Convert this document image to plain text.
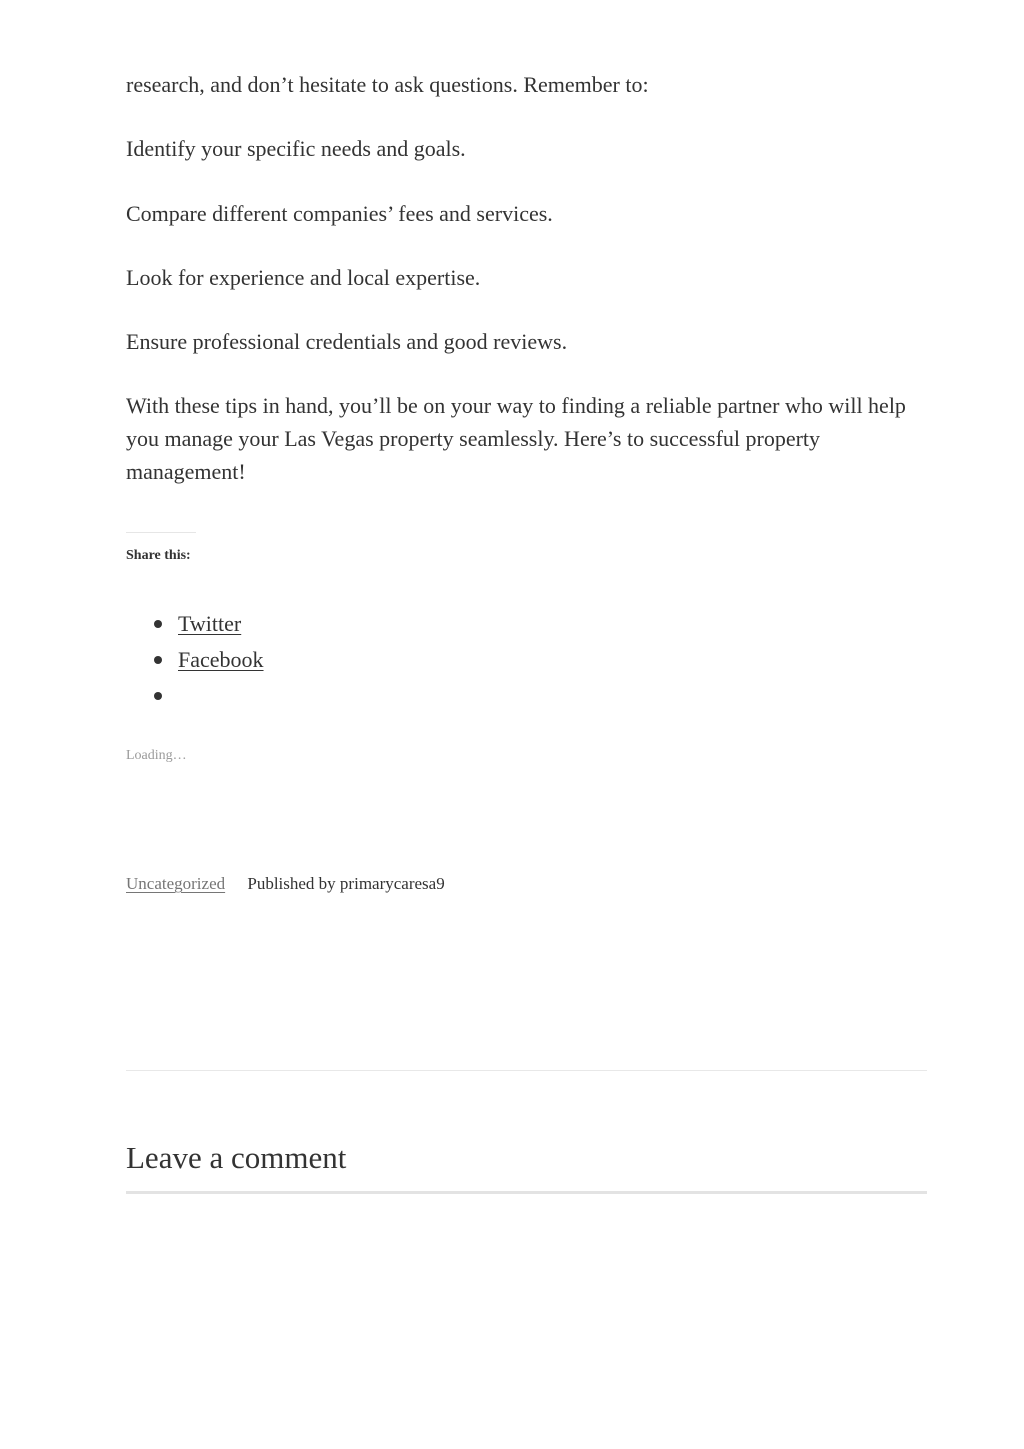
research, and don’t hesitate to ask questions. Remember to:

Identify your specific needs and goals.

Compare different companies’ fees and services.

Look for experience and local expertise.

Ensure professional credentials and good reviews.

With these tips in hand, you’ll be on your way to finding a reliable partner who will help you manage your Las Vegas property seamlessly. Here’s to successful property management!

Share this:
Twitter
Facebook
Loading…
Uncategorized Published by primarycaresa9
Leave a comment
